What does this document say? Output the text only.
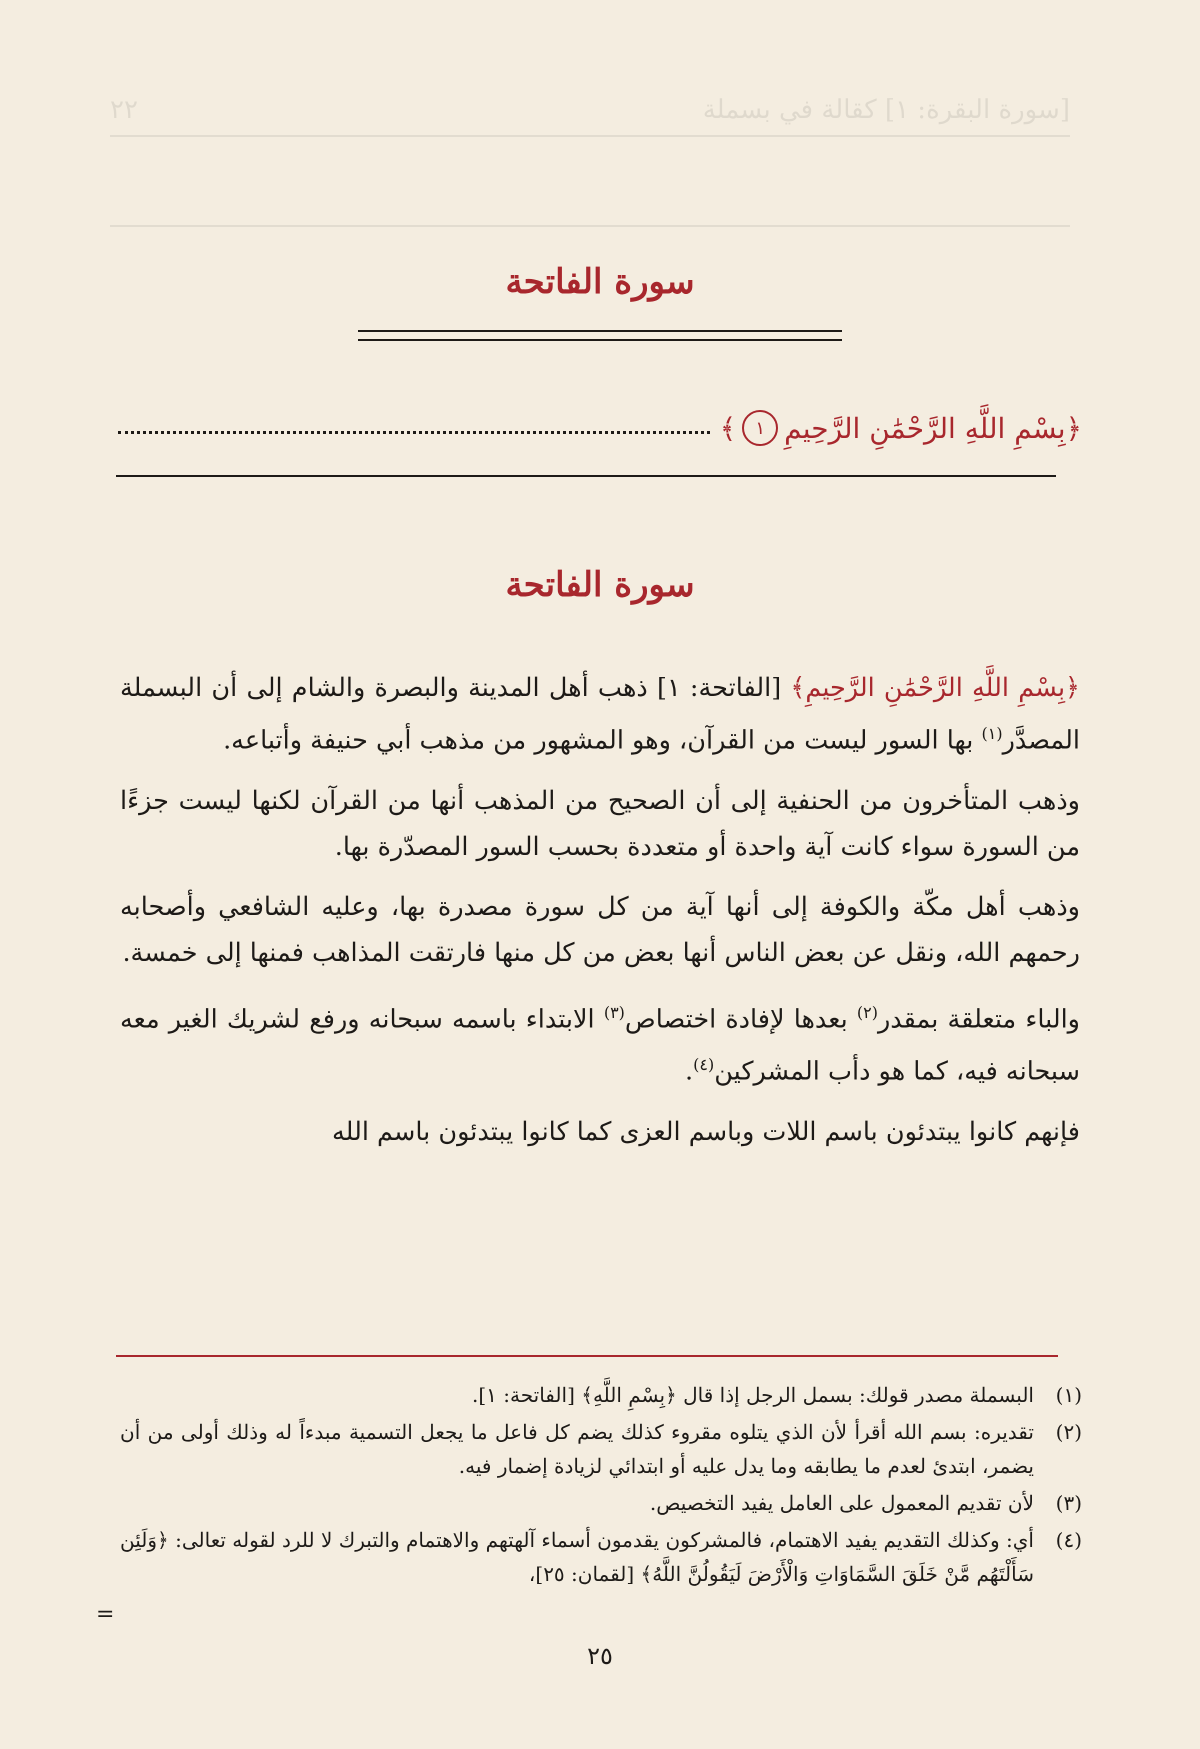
[سورة البقرة: ١] كقالة في بسملة
٢٢
سورة الفاتحة
﴿بِسْمِ اللَّهِ الرَّحْمَٰنِ الرَّحِيمِ
١
﴾
سورة الفاتحة

﴿بِسْمِ اللَّهِ الرَّحْمَٰنِ الرَّحِيمِ﴾ [الفاتحة: ١] ذهب أهل المدينة والبصرة والشام إلى أن البسملة المصدَّر$^{(١)}$ بها السور ليست من القرآن، وهو المشهور من مذهب أبي حنيفة وأتباعه.

وذهب المتأخرون من الحنفية إلى أن الصحيح من المذهب أنها من القرآن لكنها ليست جزءًا من السورة سواء كانت آية واحدة أو متعددة بحسب السور المصدّرة بها.

وذهب أهل مكّة والكوفة إلى أنها آية من كل سورة مصدرة بها، وعليه الشافعي وأصحابه رحمهم الله، ونقل عن بعض الناس أنها بعض من كل منها فارتقت المذاهب فمنها إلى خمسة.

والباء متعلقة بمقدر$^{(٢)}$ بعدها لإفادة اختصاص$^{(٣)}$ الابتداء باسمه سبحانه ورفع لشريك الغير معه سبحانه فيه، كما هو دأب المشركين$^{(٤)}$.

فإنهم كانوا يبتدئون باسم اللات وباسم العزى كما كانوا يبتدئون باسم الله

(١)
البسملة مصدر قولك: بسمل الرجل إذا قال ﴿بِسْمِ اللَّهِ﴾ [الفاتحة: ١].
(٢)
تقديره: بسم الله أقرأ لأن الذي يتلوه مقروء كذلك يضم كل فاعل ما يجعل التسمية مبدءاً له وذلك أولى من أن يضمر، ابتدئ لعدم ما يطابقه وما يدل عليه أو ابتدائي لزيادة إضمار فيه.
(٣)
لأن تقديم المعمول على العامل يفيد التخصيص.
(٤)
أي: وكذلك التقديم يفيد الاهتمام، فالمشركون يقدمون أسماء آلهتهم والاهتمام والتبرك لا للرد لقوله تعالى: ﴿وَلَئِن سَأَلْتَهُم مَّنْ خَلَقَ السَّمَاوَاتِ وَالْأَرْضَ لَيَقُولُنَّ اللَّهُ﴾ [لقمان: ٢٥]،
=
٢٥
